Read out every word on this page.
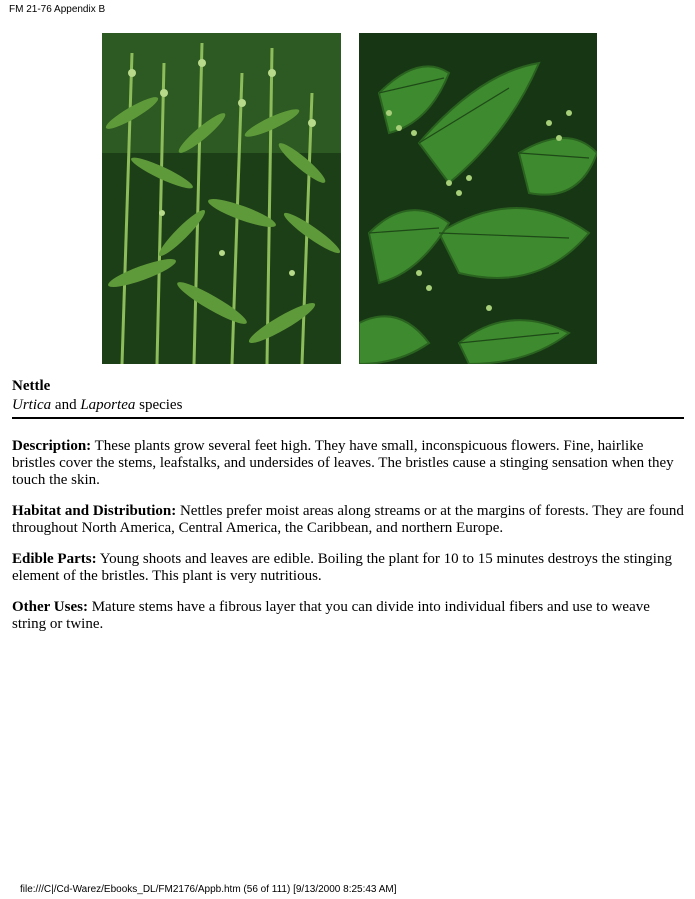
FM 21-76 Appendix B
Nettle
Urtica and Laportea species
Description: These plants grow several feet high. They have small, inconspicuous flowers. Fine, hairlike bristles cover the stems, leafstalks, and undersides of leaves. The bristles cause a stinging sensation when they touch the skin.
Habitat and Distribution: Nettles prefer moist areas along streams or at the margins of forests. They are found throughout North America, Central America, the Caribbean, and northern Europe.
Edible Parts: Young shoots and leaves are edible. Boiling the plant for 10 to 15 minutes destroys the stinging element of the bristles. This plant is very nutritious.
Other Uses: Mature stems have a fibrous layer that you can divide into individual fibers and use to weave string or twine.
file:///C|/Cd-Warez/Ebooks_DL/FM2176/Appb.htm (56 of 111) [9/13/2000 8:25:43 AM]
